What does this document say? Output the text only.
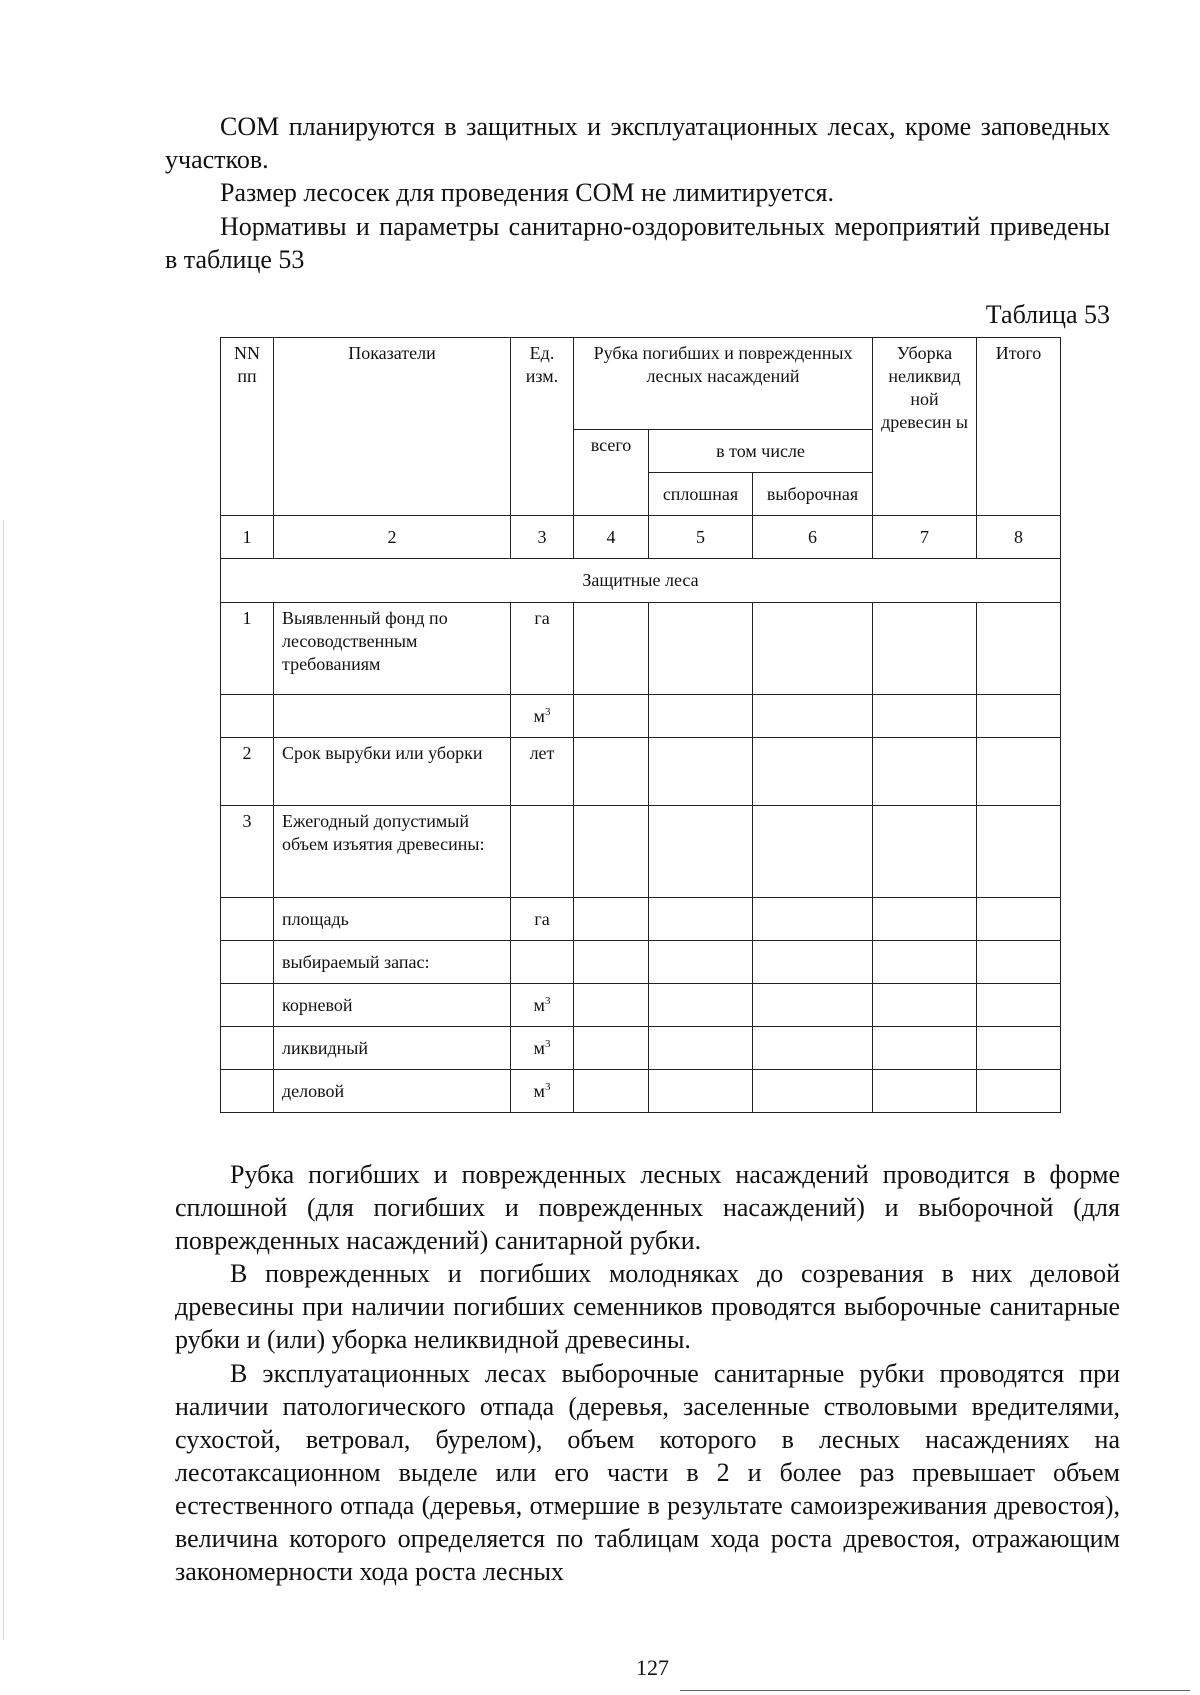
СОМ планируются в защитных и эксплуатационных лесах, кроме заповедных участков.

Размер лесосек для проведения СОМ не лимитируется.

Нормативы и параметры санитарно-оздоровительных мероприятий приведены в таблице 53

Таблица 53
NN пп	Показатели	Ед. изм.	Рубка погибших и поврежденных лесных насаждений			Уборка неликвид ной древесин ы	Итого
			всего	в том числе			
				сплошная	выборочная		
1	2	3	4	5	6	7	8
Защитные леса							
1	Выявленный фонд по лесоводственным требованиям	га					
		$м^3$					
2	Срок вырубки или уборки	лет					
3	Ежегодный допустимый объем изъятия древесины:						
	площадь	га					
	выбираемый запас:						
	корневой	$м^3$					
	ликвидный	$м^3$					
	деловой	$м^3$					

Рубка погибших и поврежденных лесных насаждений проводится в форме сплошной (для погибших и поврежденных насаждений) и выборочной (для поврежденных насаждений) санитарной рубки.

В поврежденных и погибших молодняках до созревания в них деловой древесины при наличии погибших семенников проводятся выборочные санитарные рубки и (или) уборка неликвидной древесины.

В эксплуатационных лесах выборочные санитарные рубки проводятся при наличии патологического отпада (деревья, заселенные стволовыми вредителями, сухостой, ветровал, бурелом), объем которого в лесных насаждениях на лесотаксационном выделе или его части в 2 и более раз превышает объем естественного отпада (деревья, отмершие в результате самоизреживания древостоя), величина которого определяется по таблицам хода роста древостоя, отражающим закономерности хода роста лесных

127
